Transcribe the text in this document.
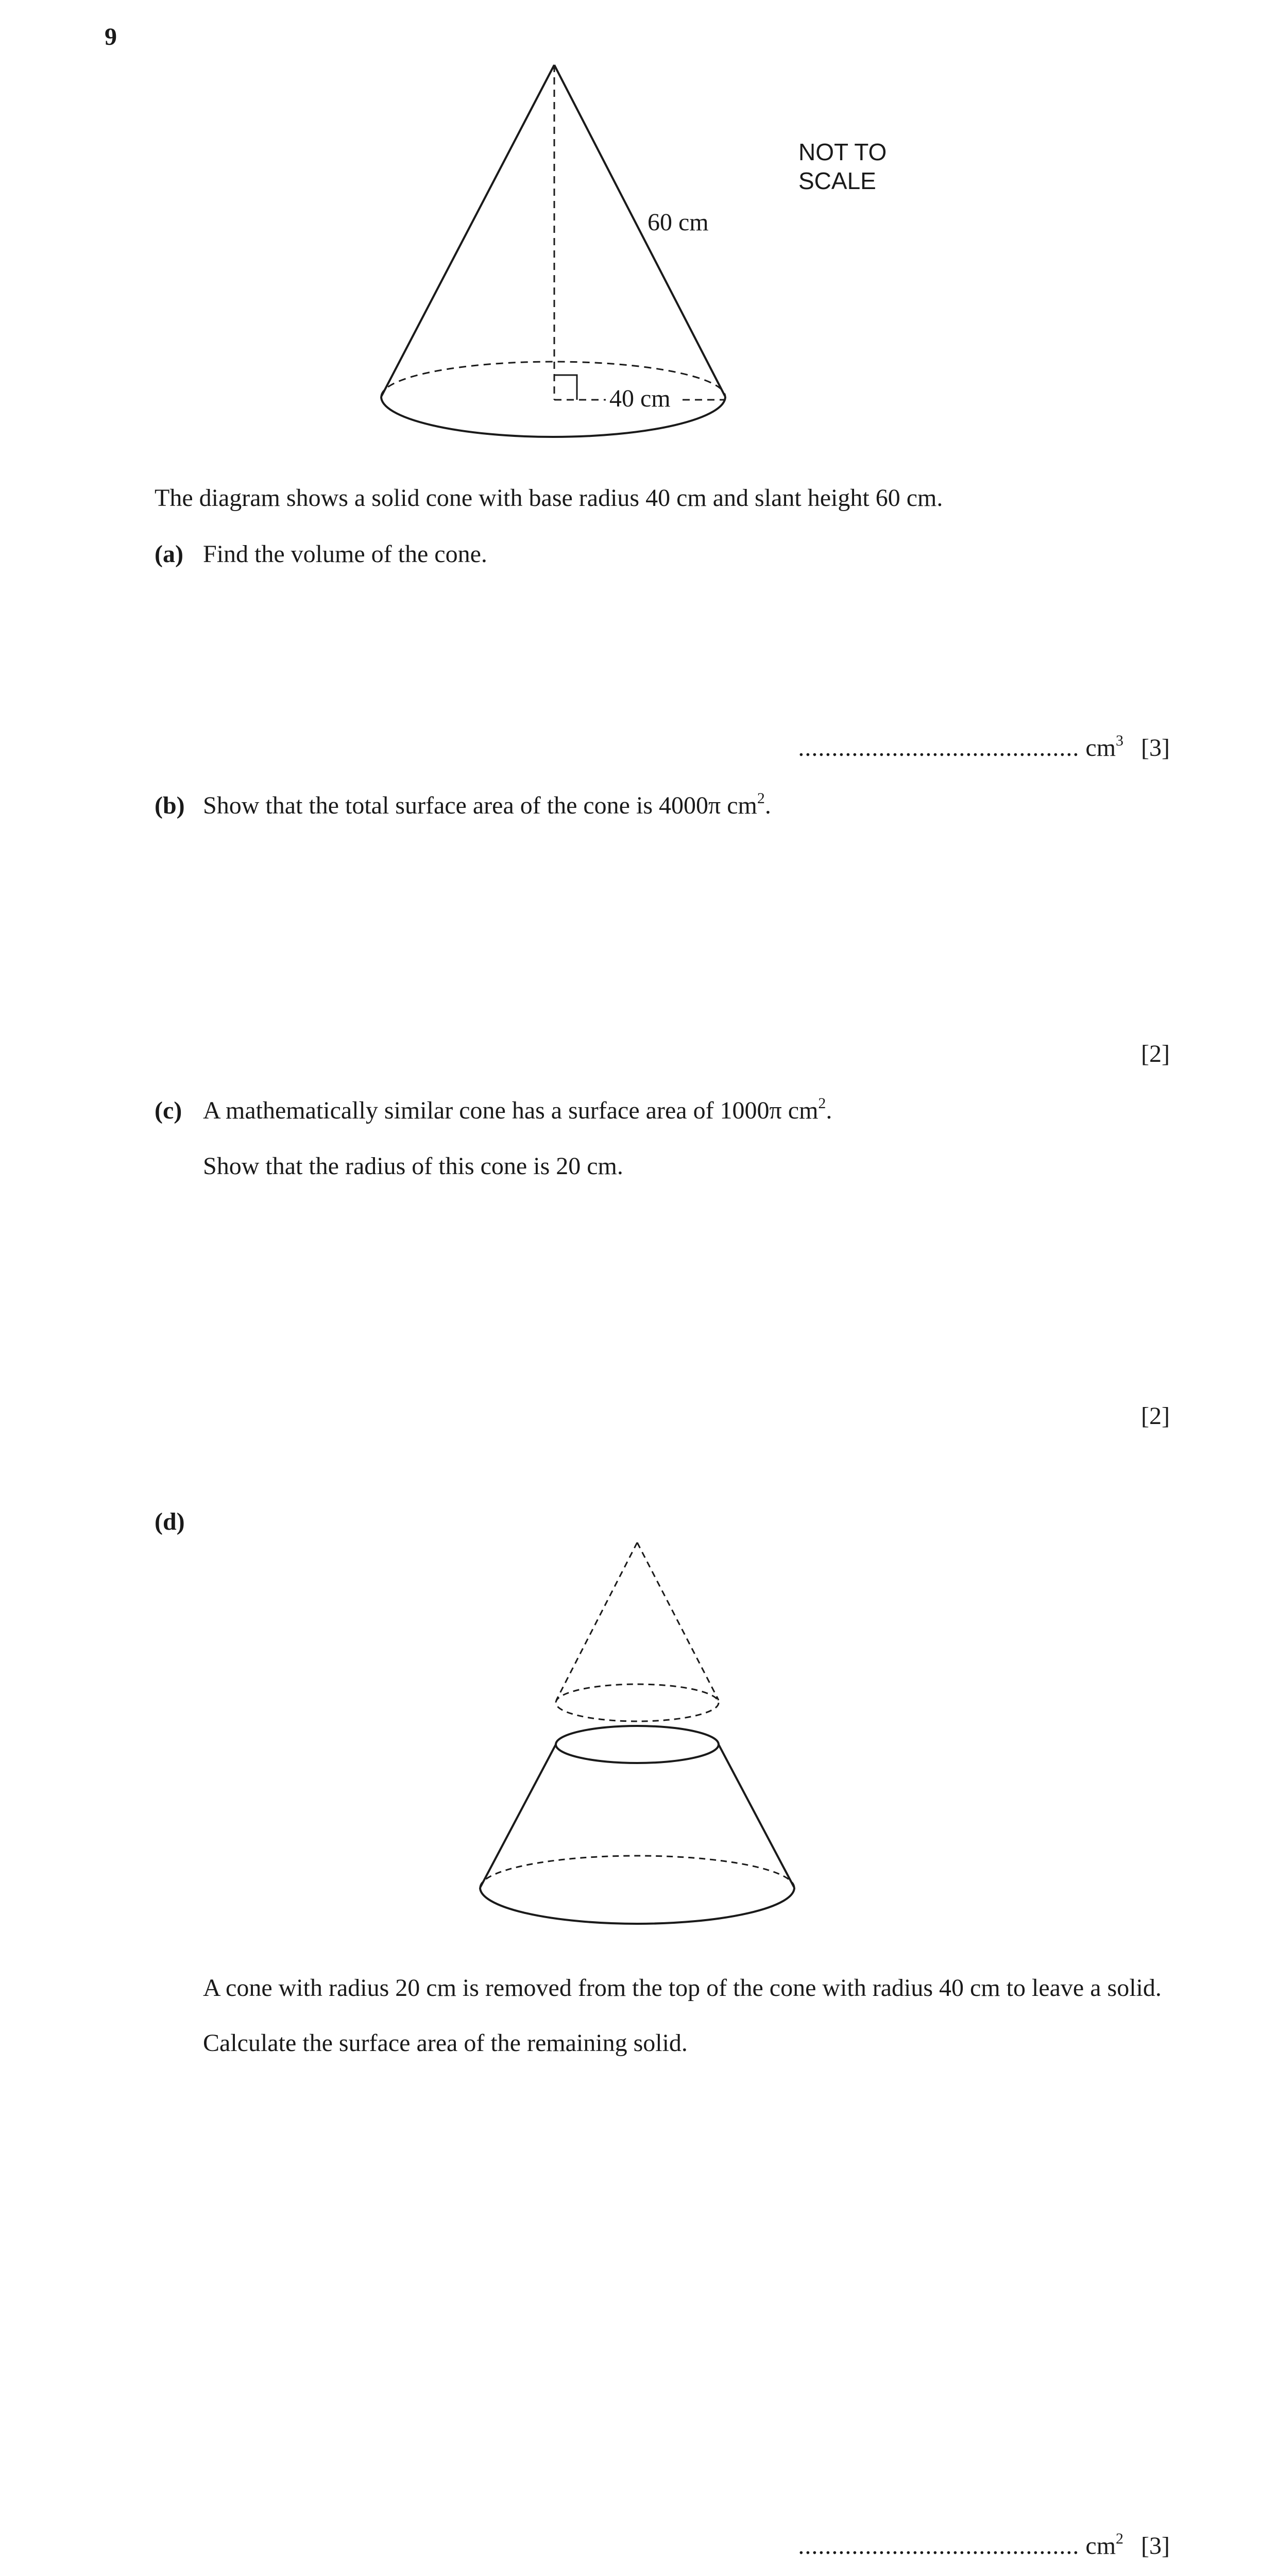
9
60 cm
40 cm
NOT TO
SCALE
The diagram shows a solid cone with base radius 40 cm and slant height 60 cm.
(a) Find the volume of the cone.
.......................................... $cm^3$ [3]
(b) Show that the total surface area of the cone is 4000π $cm^2$.
[2]
(c) A mathematically similar cone has a surface area of 1000π $cm^2$.
Show that the radius of this cone is 20 cm.
[2]
(d)
A cone with radius 20 cm is removed from the top of the cone with radius 40 cm to leave a solid.
Calculate the surface area of the remaining solid.
.......................................... $cm^2$ [3]
